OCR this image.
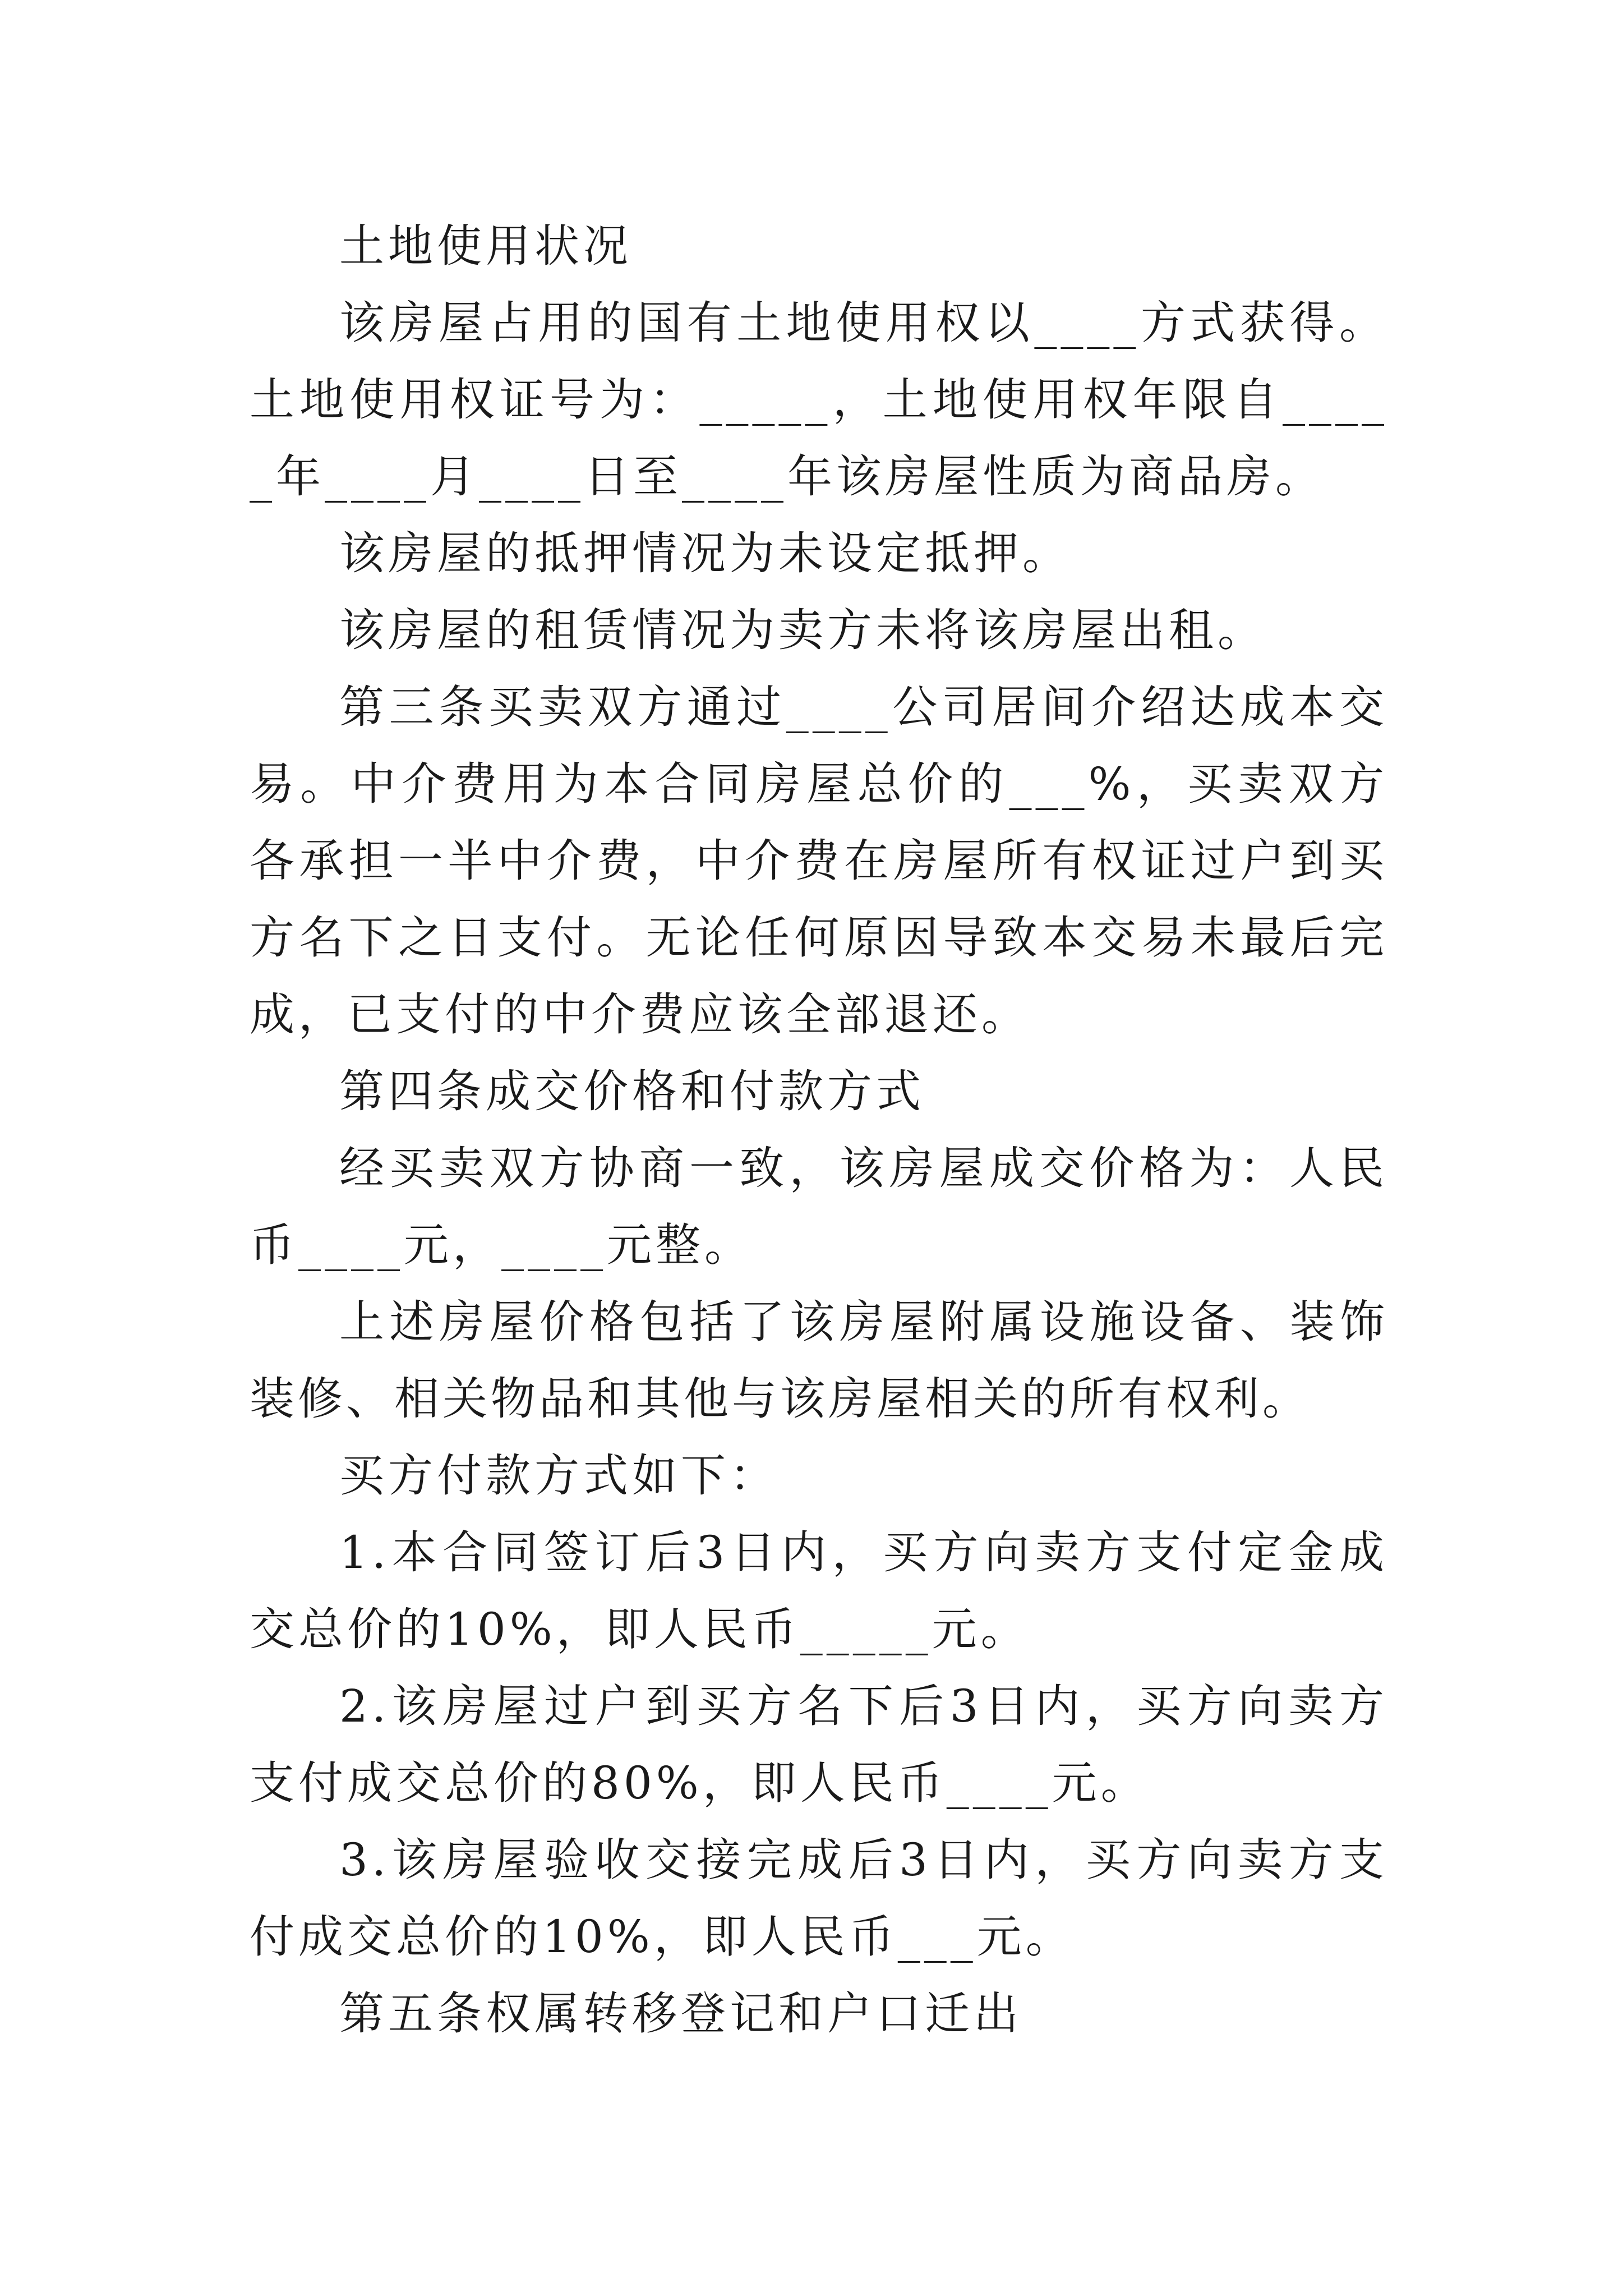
土地使用状况

该房屋占用的国有土地使用权以____方式获得。土地使用权证号为：_____，土地使用权年限自_____年____月____日至____年该房屋性质为商品房。

该房屋的抵押情况为未设定抵押。

该房屋的租赁情况为卖方未将该房屋出租。

第三条买卖双方通过____公司居间介绍达成本交易。中介费用为本合同房屋总价的___%，买卖双方各承担一半中介费，中介费在房屋所有权证过户到买方名下之日支付。无论任何原因导致本交易未最后完成，已支付的中介费应该全部退还。

第四条成交价格和付款方式

经买卖双方协商一致，该房屋成交价格为：人民币____元，____元整。

上述房屋价格包括了该房屋附属设施设备、装饰装修、相关物品和其他与该房屋相关的所有权利。

买方付款方式如下：

1.本合同签订后3日内，买方向卖方支付定金成交总价的10%，即人民币_____元。

2.该房屋过户到买方名下后3日内，买方向卖方支付成交总价的80%，即人民币____元。

3.该房屋验收交接完成后3日内，买方向卖方支付成交总价的10%，即人民币___元。

第五条权属转移登记和户口迁出
